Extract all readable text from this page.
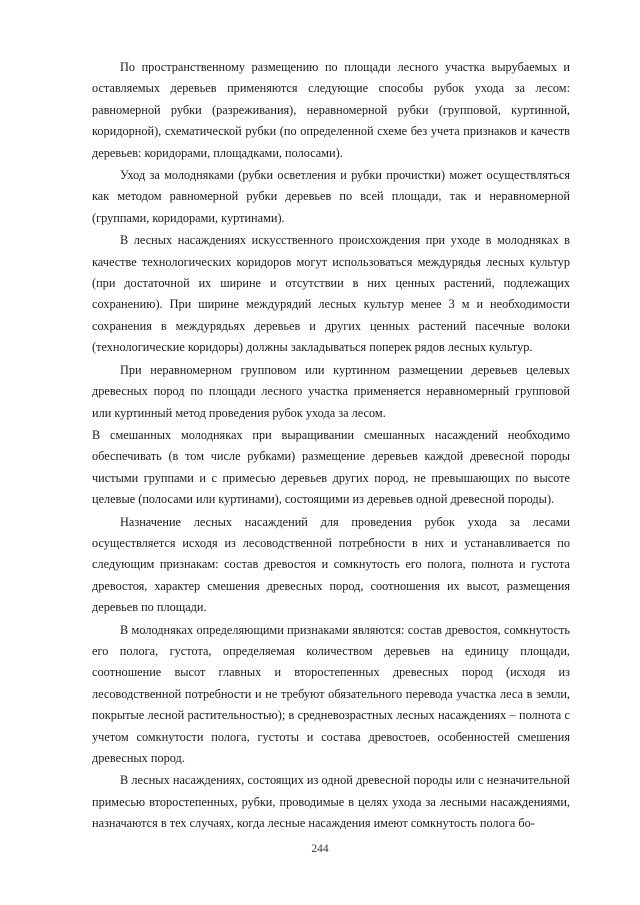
По пространственному размещению по площади лесного участка вырубаемых и оставляемых деревьев применяются следующие способы рубок ухода за лесом: равномерной рубки (разреживания), неравномерной рубки (групповой, куртинной, коридорной), схематической рубки (по определенной схеме без учета признаков и качеств деревьев: коридорами, площадками, полосами).

Уход за молодняками (рубки осветления и рубки прочистки) может осуществляться как методом равномерной рубки деревьев по всей площади, так и неравномерной (группами, коридорами, куртинами).

В лесных насаждениях искусственного происхождения при уходе в молодняках в качестве технологических коридоров могут использоваться междурядья лесных культур (при достаточной их ширине и отсутствии в них ценных растений, подлежащих сохранению). При ширине междурядий лесных культур менее 3 м и необходимости сохранения в междурядьях деревьев и других ценных растений пасечные волоки (технологические коридоры) должны закладываться поперек рядов лесных культур.

При неравномерном групповом или куртинном размещении деревьев целевых древесных пород по площади лесного участка применяется неравномерный групповой или куртинный метод проведения рубок ухода за лесом.

В смешанных молодняках при выращивании смешанных насаждений необходимо обеспечивать (в том числе рубками) размещение деревьев каждой древесной породы чистыми группами и с примесью деревьев других пород, не превышающих по высоте целевые (полосами или куртинами), состоящими из деревьев одной древесной породы).

Назначение лесных насаждений для проведения рубок ухода за лесами осуществляется исходя из лесоводственной потребности в них и устанавливается по следующим признакам: состав древостоя и сомкнутость его полога, полнота и густота древостоя, характер смешения древесных пород, соотношения их высот, размещения деревьев по площади.

В молодняках определяющими признаками являются: состав древостоя, сомкнутость его полога, густота, определяемая количеством деревьев на единицу площади, соотношение высот главных и второстепенных древесных пород (исходя из лесоводственной потребности и не требуют обязательного перевода участка леса в земли, покрытые лесной растительностью); в средневозрастных лесных насаждениях – полнота с учетом сомкнутости полога, густоты и состава древостоев, особенностей смешения древесных пород.

В лесных насаждениях, состоящих из одной древесной породы или с незначительной примесью второстепенных, рубки, проводимые в целях ухода за лесными насаждениями, назначаются в тех случаях, когда лесные насаждения имеют сомкнутость полога бо-

244
